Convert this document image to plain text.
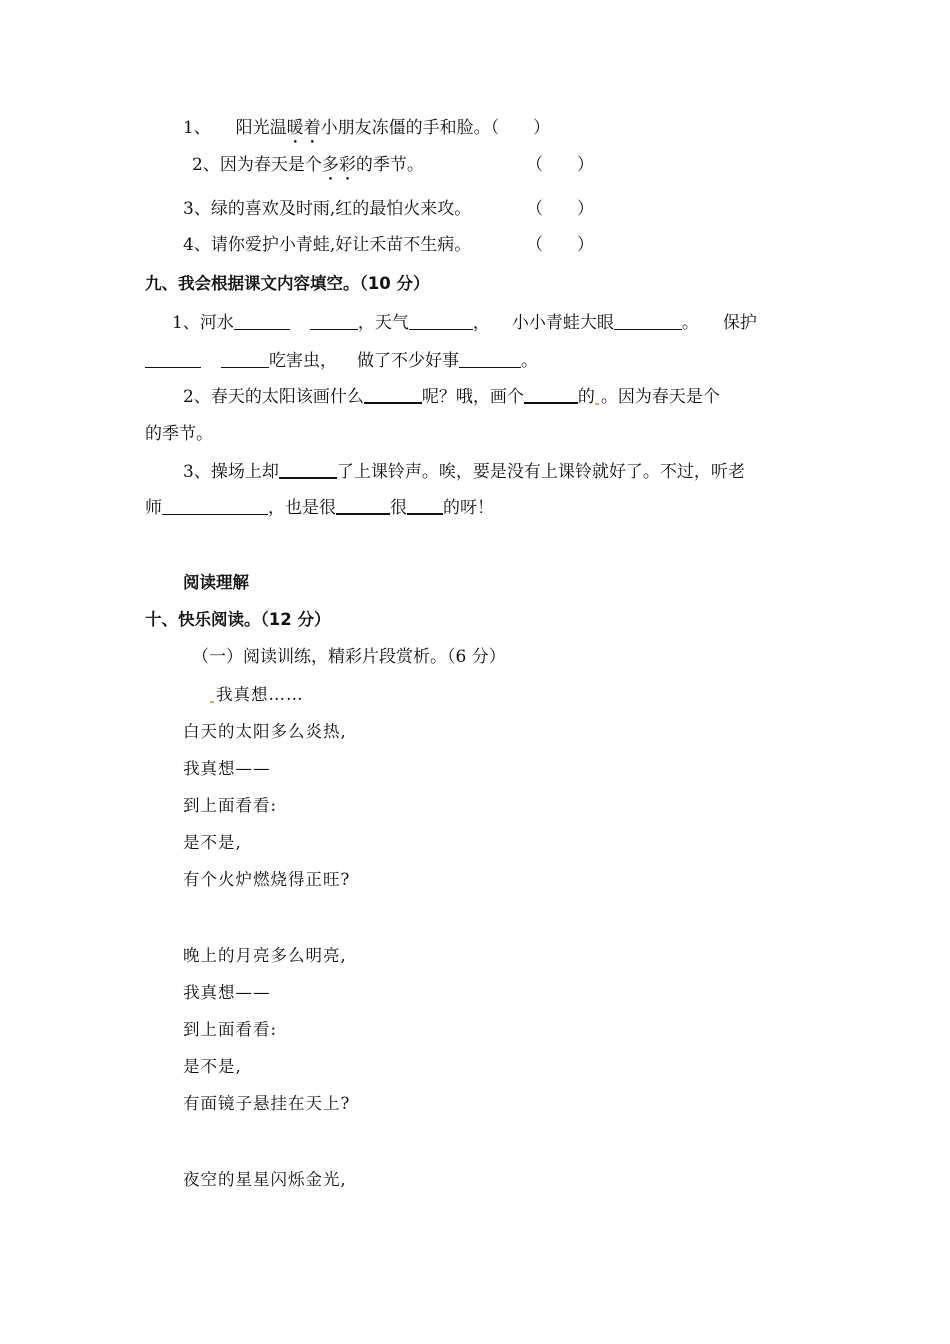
1、 阳光温暖着小朋友冻僵的手和脸。（　　）
2、因为春天是个多彩的季节。	（　　）
3、绿的喜欢及时雨,红的最怕火来攻。	（　　）
4、请你爱护小青蛙,好让禾苗不生病。	（　　）
九、我会根据课文内容填空。（10 分）
1、河水	，天气	， 小小青蛙大眼	。 保护
吃害虫， 做了不少好事	。
2、春天的太阳该画什么	呢？哦，画个	的 。因为春天是个
的季节。
3、操场上却	了上课铃声。唉，要是没有上课铃就好了。不过，听老
师	，也是很	很 的呀！
阅读理解
十、快乐阅读。（12 分）
（一）阅读训练，精彩片段赏析。（6 分）
我真想……
白天的太阳多么炎热,
我真想——
到上面看看:
是不是,
有个火炉燃烧得正旺?
晚上的月亮多么明亮,
我真想——
到上面看看:
是不是,
有面镜子悬挂在天上?
夜空的星星闪烁金光,
